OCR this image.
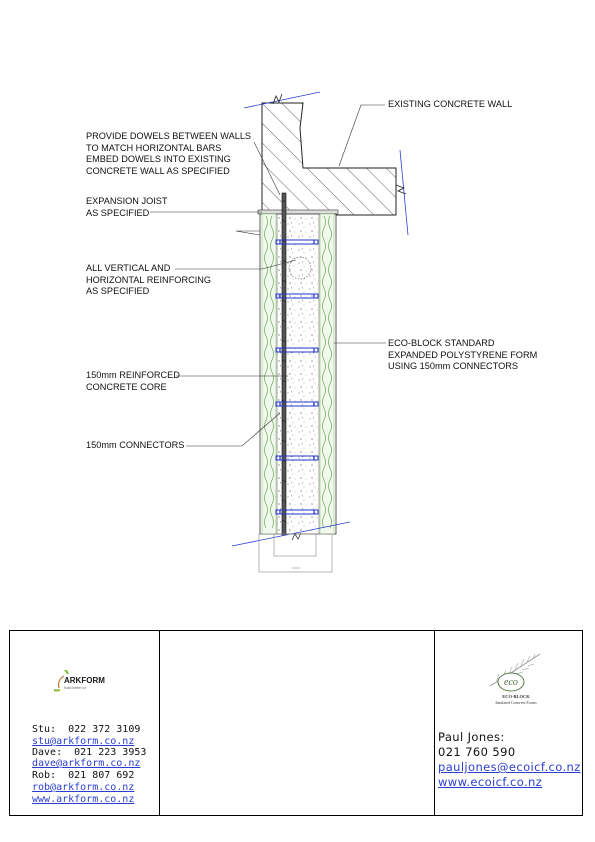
EXISTING CONCRETE WALL
PROVIDE DOWELS BETWEEN WALLS
TO MATCH HORIZONTAL BARS
EMBED DOWELS INTO EXISTING
CONCRETE WALL AS SPECIFIED
EXPANSION JOIST
AS SPECIFIED
ALL VERTICAL AND
HORIZONTAL REINFORCING
AS SPECIFIED
150mm REINFORCED
CONCRETE CORE
150mm CONNECTORS
ECO-BLOCK STANDARD
EXPANDED POLYSTYRENE FORM
USING 150mm CONNECTORS
ARKFORM
build better nz
Stu:  022 372 3109
stu@arkform.co.nz
Dave:  021 223 3953
dave@arkform.co.nz
Rob:  021 807 692
rob@arkform.co.nz
www.arkform.co.nz
eco
ECO-BLOCK
Insulated Concrete Forms
Paul Jones:
021 760 590
pauljones@ecoicf.co.nz
www.ecoicf.co.nz
